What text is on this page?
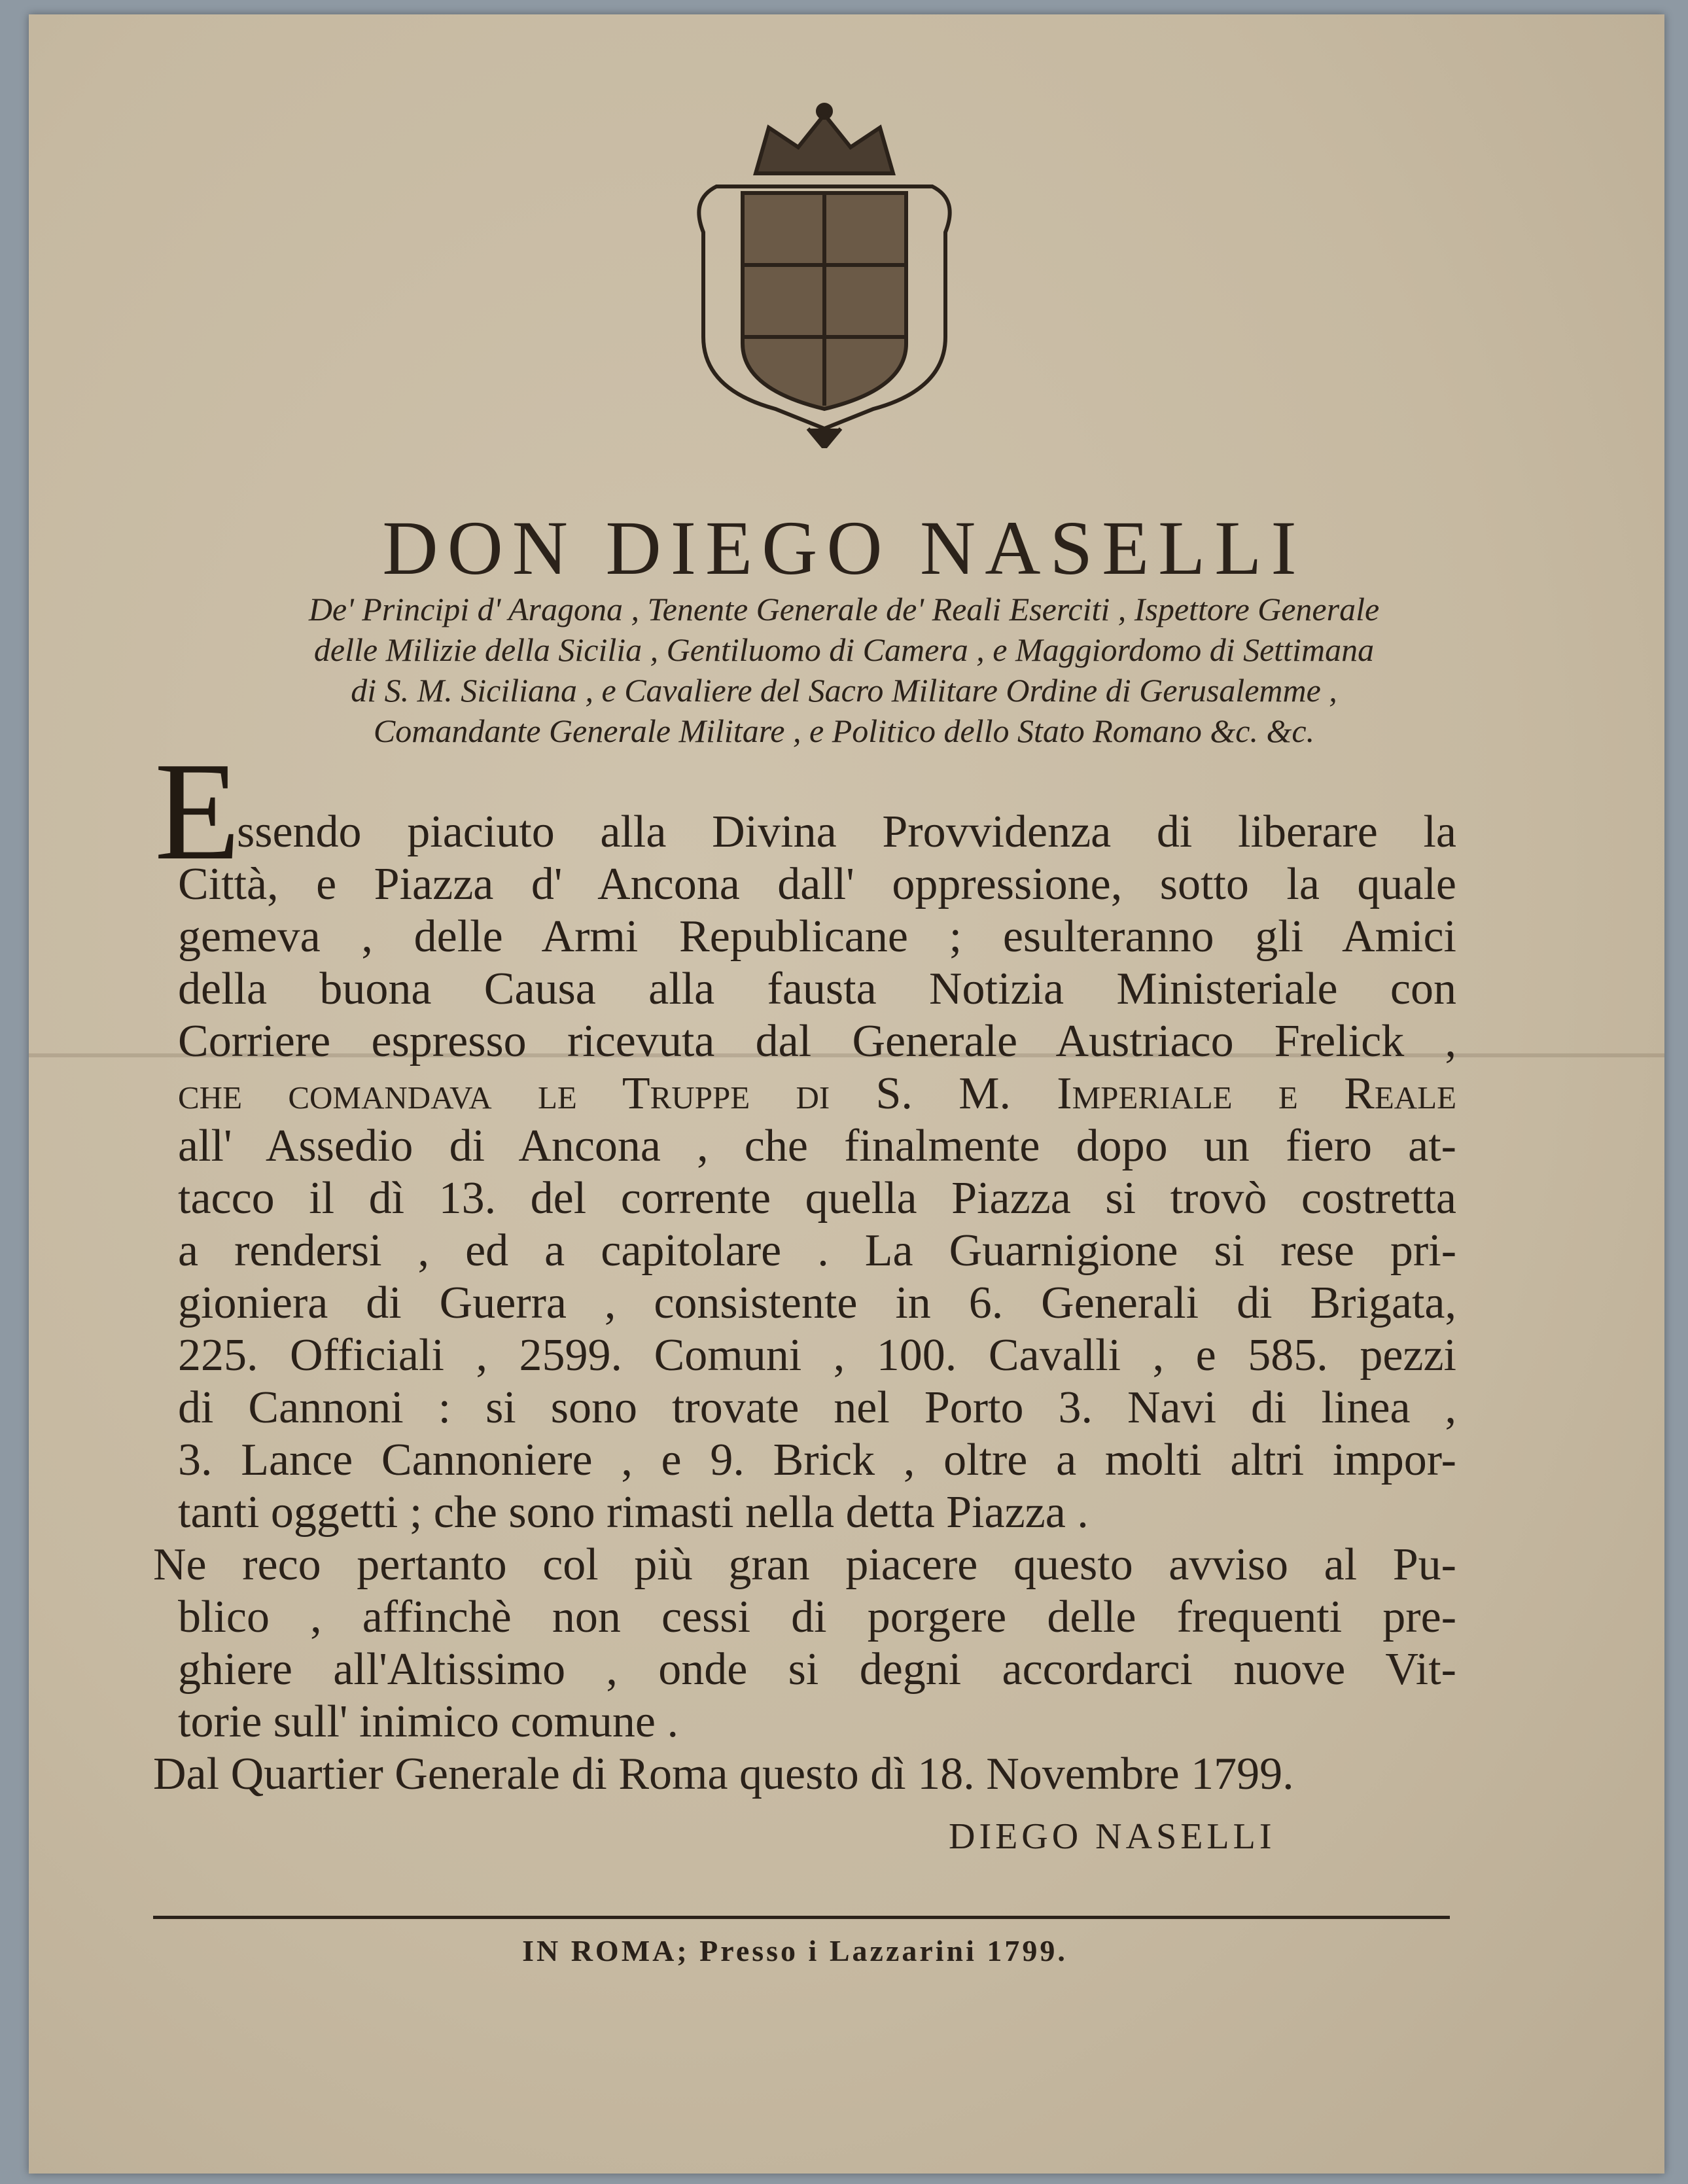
DON DIEGO NASELLI
De' Principi d' Aragona , Tenente Generale de' Reali Eserciti , Ispettore Generale
delle Milizie della Sicilia , Gentiluomo di Camera , e Maggiordomo di Settimana
di S. M. Siciliana , e Cavaliere del Sacro Militare Ordine di Gerusalemme ,
Comandante Generale Militare , e Politico dello Stato Romano &c. &c.
E
ssendo piaciuto alla Divina Provvidenza di liberare la
Città, e Piazza d' Ancona dall' oppressione, sotto la quale
gemeva , delle Armi Republicane ; esulteranno gli Amici
della buona Causa alla fausta Notizia Ministeriale con
Corriere espresso ricevuta dal Generale Austriaco Frelick ,
che comandava le Truppe di S. M. Imperiale e Reale
all' Assedio di Ancona , che finalmente dopo un fiero at-
tacco il dì 13. del corrente quella Piazza si trovò costretta
a rendersi , ed a capitolare . La Guarnigione si rese pri-
gioniera di Guerra , consistente in 6. Generali di Brigata,
225. Officiali , 2599. Comuni , 100. Cavalli , e 585. pezzi
di Cannoni : si sono trovate nel Porto 3. Navi di linea ,
3. Lance Cannoniere , e 9. Brick , oltre a molti altri impor-
tanti oggetti ; che sono rimasti nella detta Piazza .
Ne reco pertanto col più gran piacere questo avviso al Pu-
blico , affinchè non cessi di porgere delle frequenti pre-
ghiere all'Altissimo , onde si degni accordarci nuove Vit-
torie sull' inimico comune .
Dal Quartier Generale di Roma questo dì 18. Novembre 1799.
DIEGO NASELLI
IN ROMA; Presso i Lazzarini 1799.
